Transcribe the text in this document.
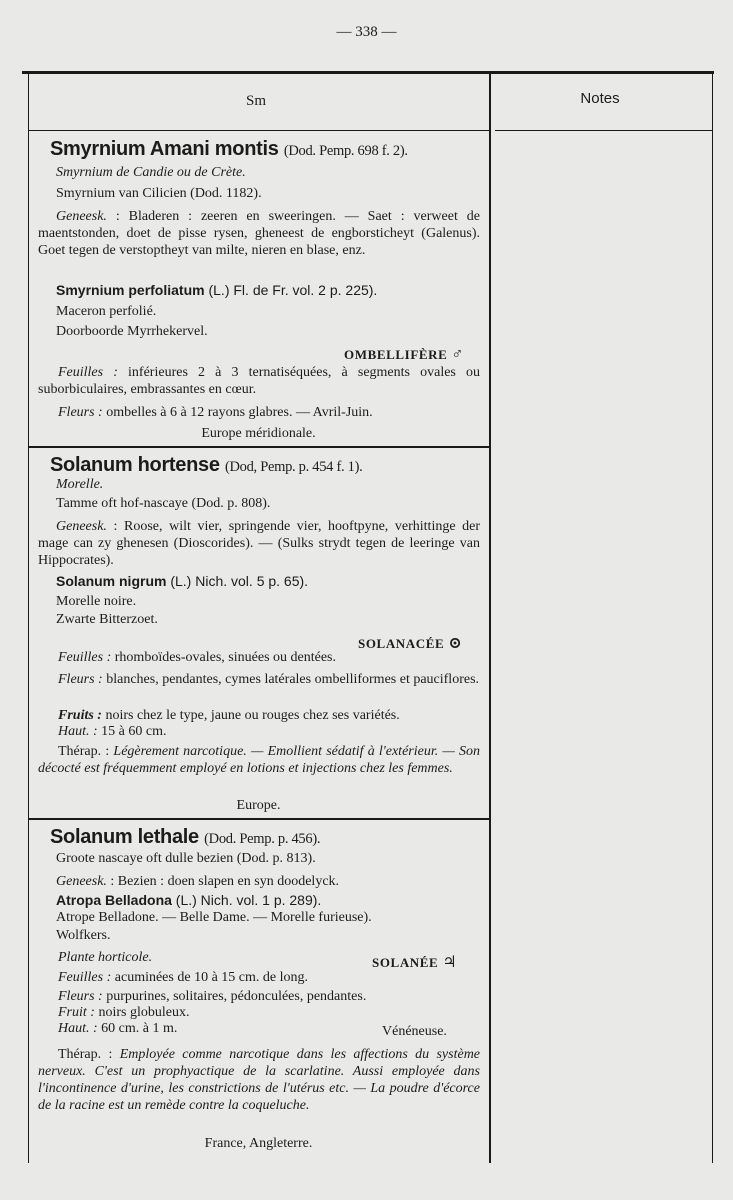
— 338 —
Sm	Notes
Smyrnium Amani montis (Dod. Pemp. 698 f. 2).
Smyrnium de Candie ou de Crète.
Smyrnium van Cilicien (Dod. 1182).

Geneesk. : Bladeren : zeeren en sweeringen. — Saet : verweet de maentstonden, doet de pisse rysen, gheneest de engborsticheyt (Galenus). Goet tegen de verstoptheyt van milte, nieren en blase, enz.

Smyrnium perfoliatum (L.) Fl. de Fr. vol. 2 p. 225).
Maceron perfolié.
Doorboorde Myrrhekervel.
OMBELLIFÈRE ♂

Feuilles : inférieures 2 à 3 ternatiséquées, à segments ovales ou suborbiculaires, embrassantes en cœur.

Fleurs : ombelles à 6 à 12 rayons glabres. — Avril-Juin.
Europe méridionale.
Solanum hortense (Dod, Pemp. p. 454 f. 1).
Morelle.
Tamme oft hof-nascaye (Dod. p. 808).

Geneesk. : Roose, wilt vier, springende vier, hooftpyne, verhittinge der mage can zy ghenesen (Dioscorides). — (Sulks strydt tegen de leeringe van Hippocrates).

Solanum nigrum (L.) Nich. vol. 5 p. 65).
Morelle noire.
Zwarte Bitterzoet.
SOLANACÉE ⊙
Feuilles : rhomboïdes-ovales, sinuées ou dentées.

Fleurs : blanches, pendantes, cymes latérales ombelliformes et pauciflores.

Fruits : noirs chez le type, jaune ou rouges chez ses variétés.
Haut. : 15 à 60 cm.

Thérap. : Légèrement narcotique. — Emollient sédatif à l'extérieur. — Son décocté est fréquemment employé en lotions et injections chez les femmes.

Europe.
Solanum lethale (Dod. Pemp. p. 456).
Groote nascaye oft dulle bezien (Dod. p. 813).
Geneesk. : Bezien : doen slapen en syn doodelyck.
Atropa Belladona (L.) Nich. vol. 1 p. 289).
Atrope Belladone. — Belle Dame. — Morelle furieuse).
Wolfkers.
Plante horticole.	SOLANÉE ♃
Feuilles : acuminées de 10 à 15 cm. de long.
Fleurs : purpurines, solitaires, pédonculées, pendantes.
Fruit : noirs globuleux.
Haut. : 60 cm. à 1 m.	Vénéneuse.

Thérap. : Employée comme narcotique dans les affections du système nerveux. C'est un prophyactique de la scarlatine. Aussi employée dans l'incontinence d'urine, les constrictions de l'utérus etc. — La poudre d'écorce de la racine est un remède contre la coqueluche.

France, Angleterre.
